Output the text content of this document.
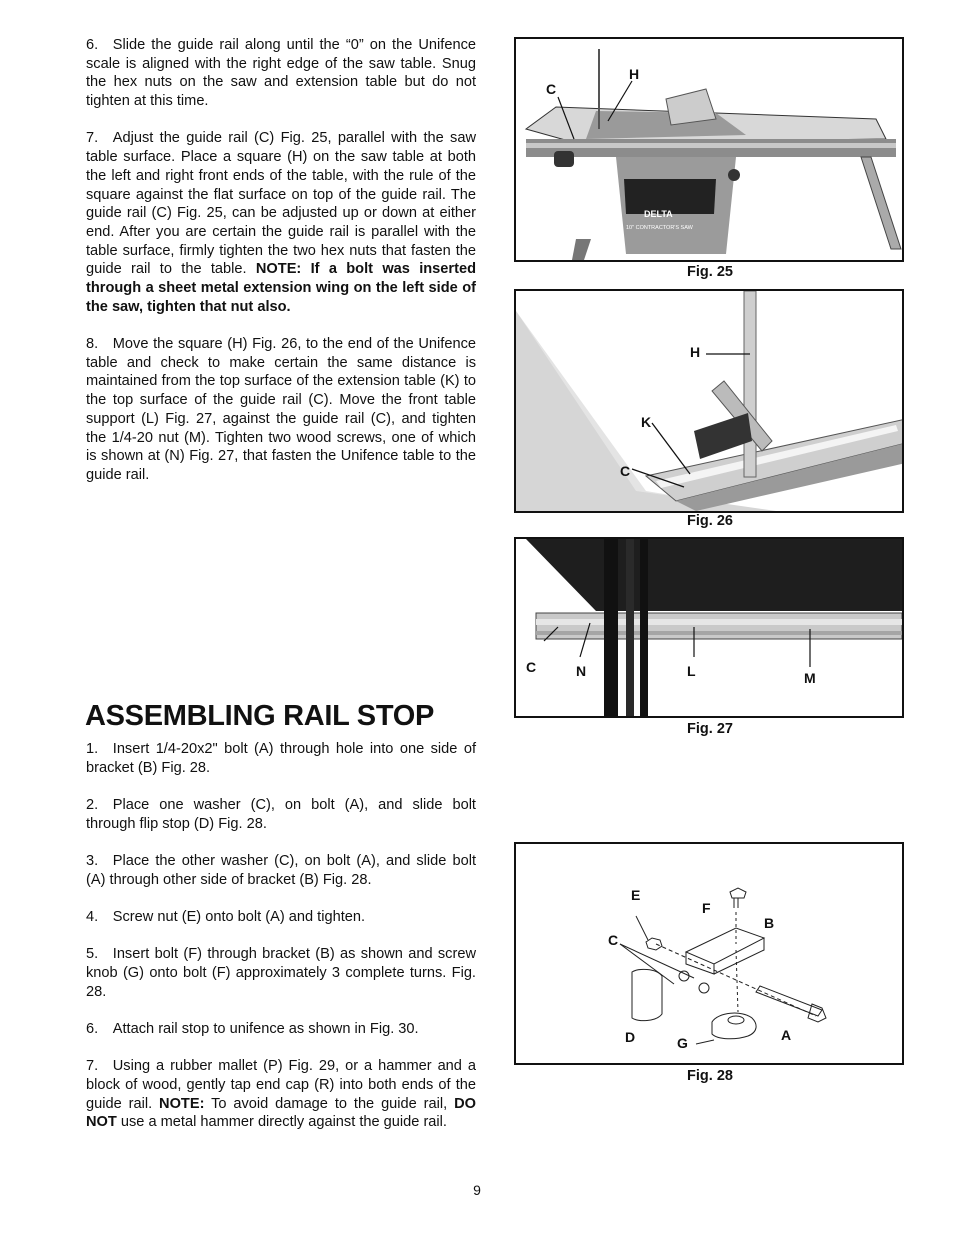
6. Slide the guide rail along until the “0” on the Unifence scale is aligned with the right edge of the saw table. Snug the hex nuts on the saw and extension table but do not tighten at this time.

7. Adjust the guide rail (C) Fig. 25, parallel with the saw table surface. Place a square (H) on the saw table at both the left and right front ends of the table, with the rule of the square against the flat surface on top of the guide rail. The guide rail (C) Fig. 25, can be adjusted up or down at either end. After you are certain the guide rail is parallel with the table surface, firmly tighten the two hex nuts that fasten the guide rail to the table. NOTE: If a bolt was inserted through a sheet metal extension wing on the left side of the saw, tighten that nut also.

8. Move the square (H) Fig. 26, to the end of the Unifence table and check to make certain the same distance is maintained from the top surface of the extension table (K) to the top surface of the guide rail (C). Move the front table support (L) Fig. 27, against the guide rail (C), and tighten the 1/4-20 nut (M). Tighten two wood screws, one of which is shown at (N) Fig. 27, that fasten the Unifence table to the guide rail.

ASSEMBLING RAIL STOP

1. Insert 1/4-20x2" bolt (A) through hole into one side of bracket (B) Fig. 28.

2. Place one washer (C), on bolt (A), and slide bolt through flip stop (D) Fig. 28.

3. Place the other washer (C), on bolt (A), and slide bolt (A) through other side of bracket (B) Fig. 28.

4. Screw nut (E) onto bolt (A) and tighten.

5. Insert bolt (F) through bracket (B) as shown and screw knob (G) onto bolt (F) approximately 3 complete turns. Fig. 28.

6. Attach rail stop to unifence as shown in Fig. 30.

7. Using a rubber mallet (P) Fig. 29, or a hammer and a block of wood, gently tap end cap (R) into both ends of the guide rail. NOTE: To avoid damage to the guide rail, DO NOT use a metal hammer directly against the guide rail.

DELTA
10" CONTRACTOR'S SAW
C
H
Fig. 25
H
K
C
Fig. 26
C	N	L	M
Fig. 27
E
F
B
C
D	G	A
Fig. 28
9
